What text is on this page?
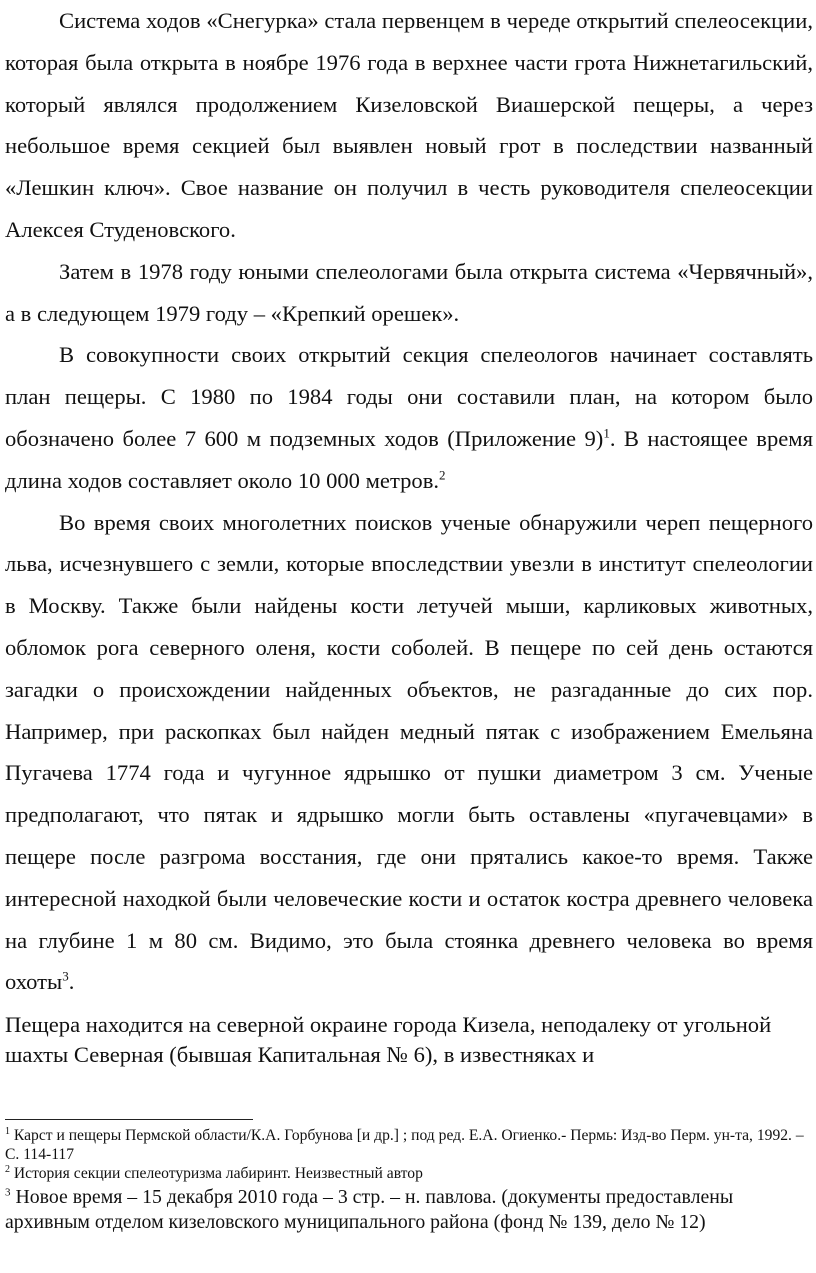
Система ходов «Снегурка» стала первенцем в череде открытий спелеосекции, которая была открыта в ноябре 1976 года в верхнее части грота Нижнетагильский, который являлся продолжением Кизеловской Виашерской пещеры, а через небольшое время секцией был выявлен новый грот в последствии названный «Лешкин ключ». Свое название он получил в честь руководителя спелеосекции Алексея Студеновского.

Затем в 1978 году юными спелеологами была открыта система «Червячный», а в следующем 1979 году – «Крепкий орешек».

В совокупности своих открытий секция спелеологов начинает составлять план пещеры. С 1980 по 1984 годы они составили план, на котором было обозначено более 7 600 м подземных ходов (Приложение 9)$^1$. В настоящее время длина ходов составляет около 10 000 метров.$^2$

Во время своих многолетних поисков ученые обнаружили череп пещерного льва, исчезнувшего с земли, которые впоследствии увезли в институт спелеологии в Москву. Также были найдены кости летучей мыши, карликовых животных, обломок рога северного оленя, кости соболей. В пещере по сей день остаются загадки о происхождении найденных объектов, не разгаданные до сих пор. Например, при раскопках был найден медный пятак с изображением Емельяна Пугачева 1774 года и чугунное ядрышко от пушки диаметром 3 см. Ученые предполагают, что пятак и ядрышко могли быть оставлены «пугачевцами» в пещере после разгрома восстания, где они прятались какое-то время. Также интересной находкой были человеческие кости и остаток костра древнего человека на глубине 1 м 80 см. Видимо, это была стоянка древнего человека во время охоты$^3$.

Пещера находится на северной окраине города Кизела, неподалеку от угольной шахты Северная (бывшая Капитальная № 6), в известняках и

$^1$ Карст и пещеры Пермской области/К.А. Горбунова [и др.] ; под ред. Е.А. Огиенко.- Пермь: Изд-во Перм. ун-та, 1992. – С. 114-117

$^2$ История секции спелеотуризма лабиринт. Неизвестный автор

$^3$ Новое время – 15 декабря 2010 года – 3 стр. – н. павлова. (документы предоставлены архивным отделом кизеловского муниципального района (фонд № 139, дело № 12)
